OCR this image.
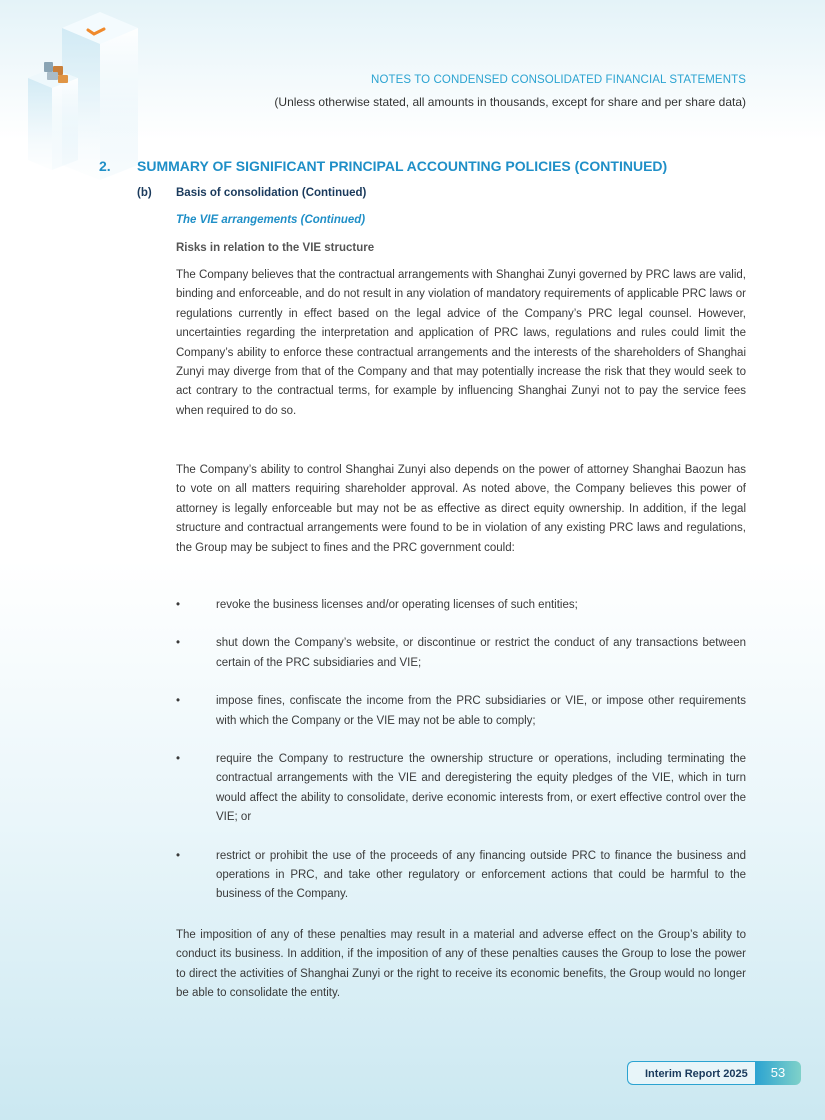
NOTES TO CONDENSED CONSOLIDATED FINANCIAL STATEMENTS
(Unless otherwise stated, all amounts in thousands, except for share and per share data)
2. SUMMARY OF SIGNIFICANT PRINCIPAL ACCOUNTING POLICIES (CONTINUED)
(b) Basis of consolidation (Continued)
The VIE arrangements (Continued)
Risks in relation to the VIE structure

The Company believes that the contractual arrangements with Shanghai Zunyi governed by PRC laws are valid, binding and enforceable, and do not result in any violation of mandatory requirements of applicable PRC laws or regulations currently in effect based on the legal advice of the Company’s PRC legal counsel. However, uncertainties regarding the interpretation and application of PRC laws, regulations and rules could limit the Company’s ability to enforce these contractual arrangements and the interests of the shareholders of Shanghai Zunyi may diverge from that of the Company and that may potentially increase the risk that they would seek to act contrary to the contractual terms, for example by influencing Shanghai Zunyi not to pay the service fees when required to do so.

The Company’s ability to control Shanghai Zunyi also depends on the power of attorney Shanghai Baozun has to vote on all matters requiring shareholder approval. As noted above, the Company believes this power of attorney is legally enforceable but may not be as effective as direct equity ownership. In addition, if the legal structure and contractual arrangements were found to be in violation of any existing PRC laws and regulations, the Group may be subject to fines and the PRC government could:

•	revoke the business licenses and/or operating licenses of such entities;
•	shut down the Company’s website, or discontinue or restrict the conduct of any transactions between certain of the PRC subsidiaries and VIE;
•	impose fines, confiscate the income from the PRC subsidiaries or VIE, or impose other requirements with which the Company or the VIE may not be able to comply;
•	require the Company to restructure the ownership structure or operations, including terminating the contractual arrangements with the VIE and deregistering the equity pledges of the VIE, which in turn would affect the ability to consolidate, derive economic interests from, or exert effective control over the VIE; or
•	restrict or prohibit the use of the proceeds of any financing outside PRC to finance the business and operations in PRC, and take other regulatory or enforcement actions that could be harmful to the business of the Company.

The imposition of any of these penalties may result in a material and adverse effect on the Group’s ability to conduct its business. In addition, if the imposition of any of these penalties causes the Group to lose the power to direct the activities of Shanghai Zunyi or the right to receive its economic benefits, the Group would no longer be able to consolidate the entity.

Interim Report 2025	53
